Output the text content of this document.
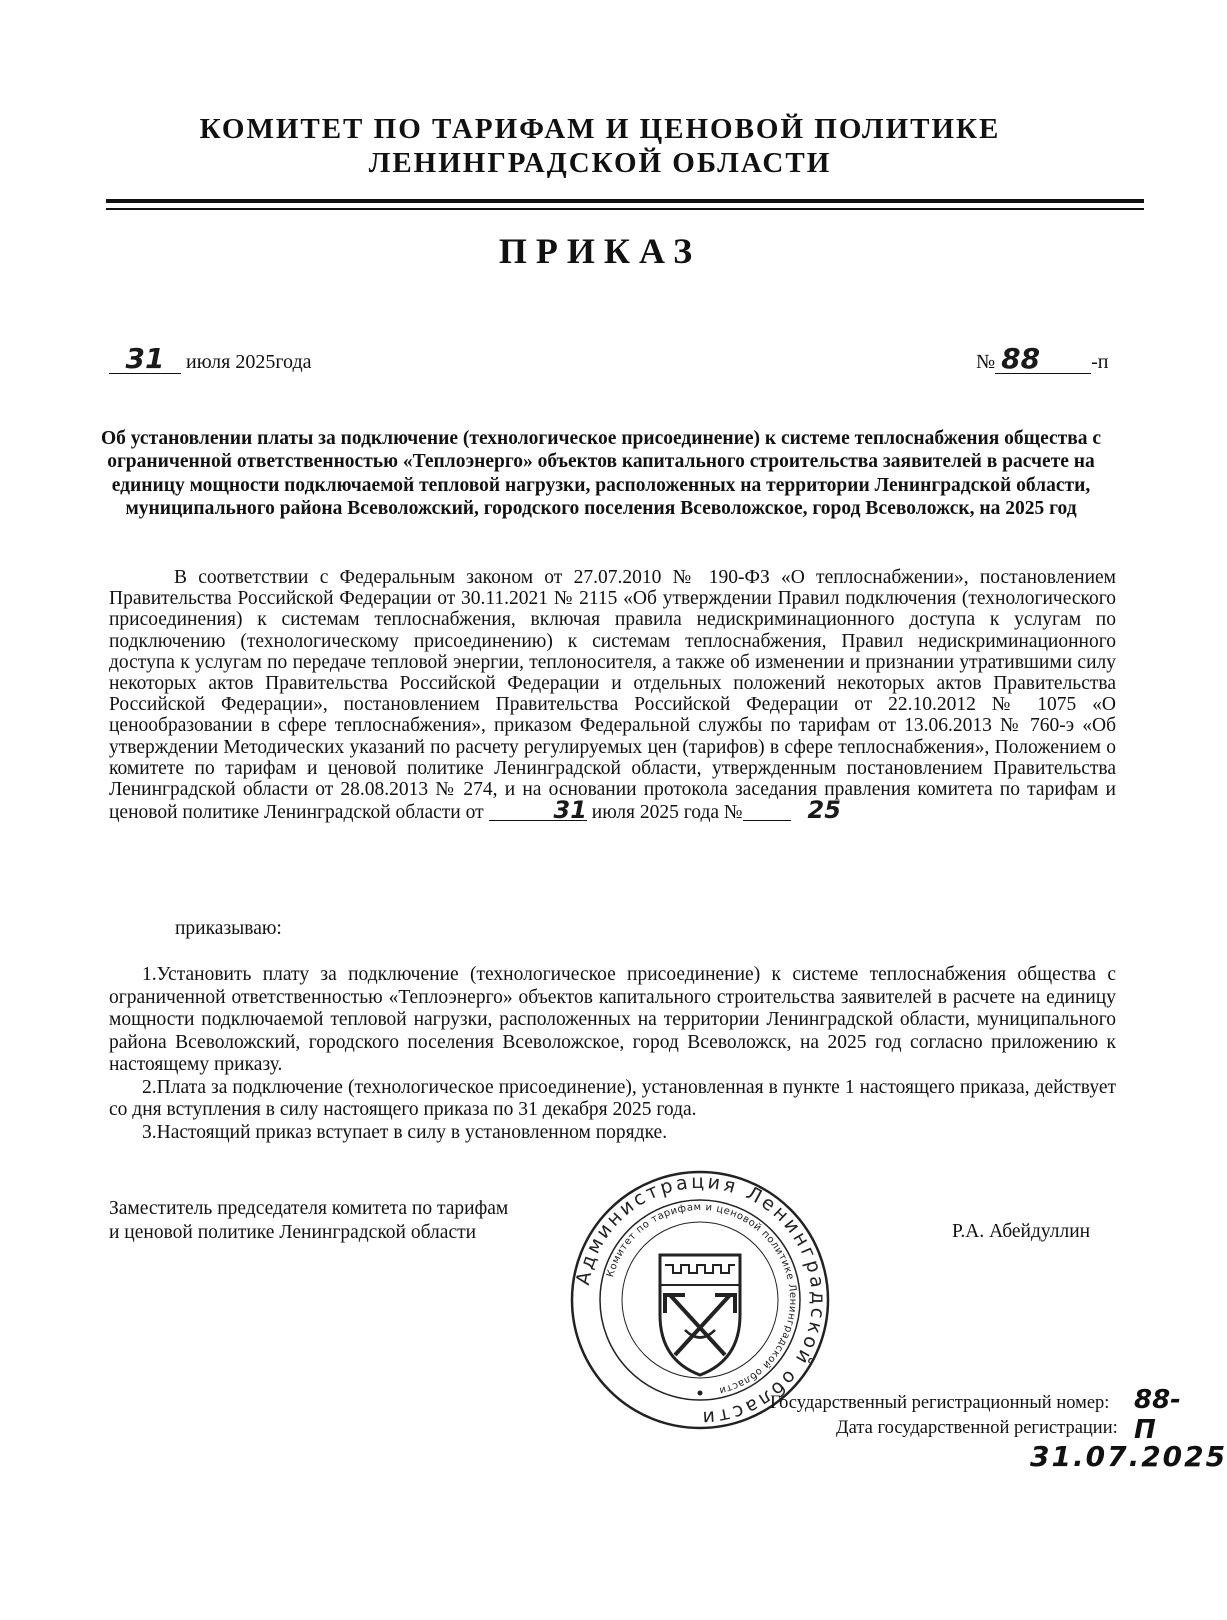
КОМИТЕТ ПО ТАРИФАМ И ЦЕНОВОЙ ПОЛИТИКЕ
ЛЕНИНГРАДСКОЙ ОБЛАСТИ
ПРИКАЗ
31 июля 2025года	№ 88	-п
Об установлении платы за подключение (технологическое присоединение) к системе теплоснабжения общества с ограниченной ответственностью «Теплоэнерго» объектов капитального строительства заявителей в расчете на единицу мощности подключаемой тепловой нагрузки, расположенных на территории Ленинградской области, муниципального района Всеволожский, городского поселения Всеволожское, город Всеволожск, на 2025 год
В соответствии с Федеральным законом от 27.07.2010 № 190-ФЗ «О теплоснабжении», постановлением Правительства Российской Федерации от 30.11.2021 № 2115 «Об утверждении Правил подключения (технологического присоединения) к системам теплоснабжения, включая правила недискриминационного доступа к услугам по подключению (технологическому присоединению) к системам теплоснабжения, Правил недискриминационного доступа к услугам по передаче тепловой энергии, теплоносителя, а также об изменении и признании утратившими силу некоторых актов Правительства Российской Федерации и отдельных положений некоторых актов Правительства Российской Федерации», постановлением Правительства Российской Федерации от 22.10.2012 № 1075 «О ценообразовании в сфере теплоснабжения», приказом Федеральной службы по тарифам от 13.06.2013 № 760-э «Об утверждении Методических указаний по расчету регулируемых цен (тарифов) в сфере теплоснабжения», Положением о комитете по тарифам и ценовой политике Ленинградской области, утвержденным постановлением Правительства Ленинградской области от 28.08.2013 № 274, и на основании протокола заседания правления комитета по тарифам и ценовой политике Ленинградской области от	31 июля 2025 года №	25
приказываю:

1.Установить плату за подключение (технологическое присоединение) к системе теплоснабжения общества с ограниченной ответственностью «Теплоэнерго» объектов капитального строительства заявителей в расчете на единицу мощности подключаемой тепловой нагрузки, расположенных на территории Ленинградской области, муниципального района Всеволожский, городского поселения Всеволожское, город Всеволожск, на 2025 год согласно приложению к настоящему приказу.

2.Плата за подключение (технологическое присоединение), установленная в пункте 1 настоящего приказа, действует со дня вступления в силу настоящего приказа по 31 декабря 2025 года.

3.Настоящий приказ вступает в силу в установленном порядке.

Заместитель председателя комитета по тарифам
и ценовой политике Ленинградской области	Р.А. Абейдуллин
Администрация Ленинградской области
Комитет по тарифам и ценовой политике Ленинградской области
Государственный регистрационный номер: 88-П
Дата государственной регистрации:
31.07.2025
